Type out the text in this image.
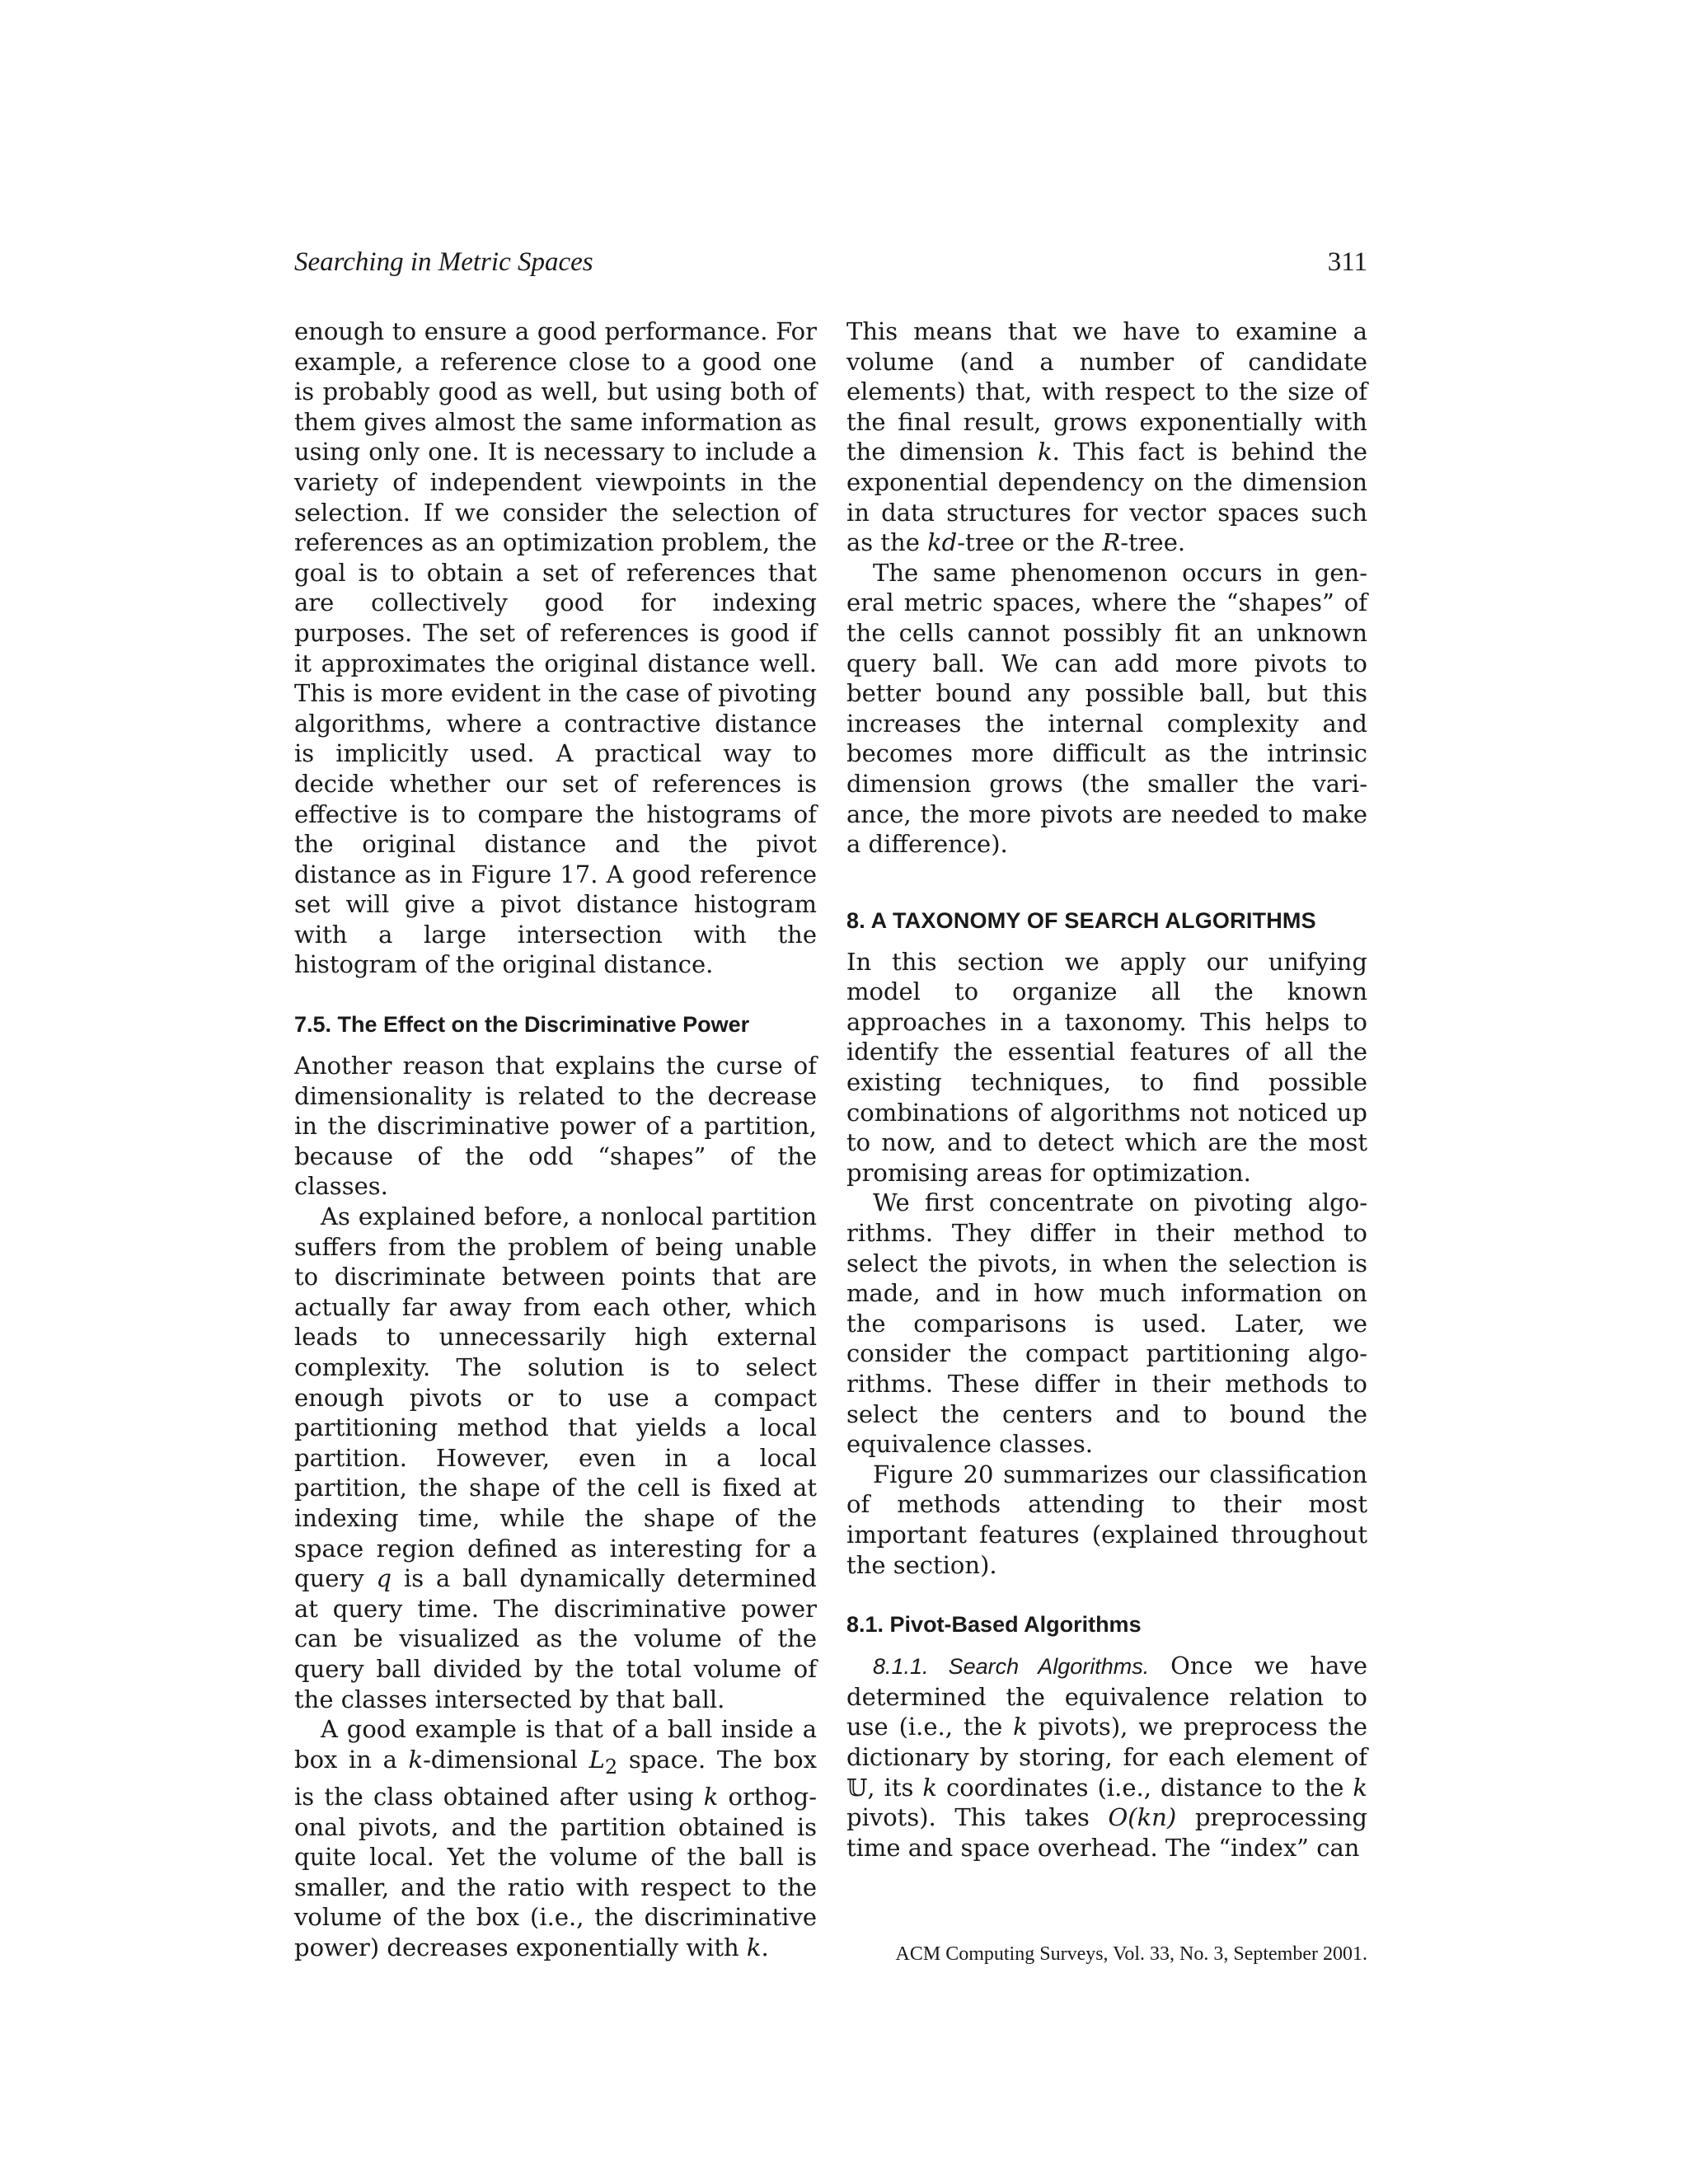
Searching in Metric Spaces	311

enough to ensure a good performance. For example, a reference close to a good one is probably good as well, but using both of them gives almost the same information as using only one. It is necessary to include a variety of independent viewpoints in the selection. If we consider the selection of references as an optimization problem, the goal is to obtain a set of references that are collectively good for indexing purposes. The set of references is good if it approximates the original distance well. This is more evident in the case of pivoting algorithms, where a contractive distance is implicitly used. A practical way to decide whether our set of references is effective is to compare the histograms of the original distance and the pivot distance as in Figure 17. A good reference set will give a pivot distance histogram with a large intersection with the histogram of the original distance.

7.5. The Effect on the Discriminative Power

Another reason that explains the curse of dimensionality is related to the decrease in the discriminative power of a partition, because of the odd “shapes” of the classes.

As explained before, a nonlocal partition suffers from the problem of being unable to discriminate between points that are actually far away from each other, which leads to unnecessarily high external complexity. The solution is to select enough pivots or to use a compact partitioning method that yields a local partition. However, even in a local partition, the shape of the cell is fixed at indexing time, while the shape of the space region defined as interesting for a query q is a ball dynamically determined at query time. The discriminative power can be visualized as the volume of the query ball divided by the total volume of the classes intersected by that ball.

A good example is that of a ball inside a box in a k-dimensional $L_2$ space. The box is the class obtained after using k orthogonal pivots, and the partition obtained is quite local. Yet the volume of the ball is smaller, and the ratio with respect to the volume of the box (i.e., the discriminative power) decreases exponentially with k.

This means that we have to examine a volume (and a number of candidate elements) that, with respect to the size of the final result, grows exponentially with the dimension k. This fact is behind the exponential dependency on the dimension in data structures for vector spaces such as the kd-tree or the R-tree.

The same phenomenon occurs in general metric spaces, where the “shapes” of the cells cannot possibly fit an unknown query ball. We can add more pivots to better bound any possible ball, but this increases the internal complexity and becomes more difficult as the intrinsic dimension grows (the smaller the variance, the more pivots are needed to make a difference).

8. A TAXONOMY OF SEARCH ALGORITHMS

In this section we apply our unifying model to organize all the known approaches in a taxonomy. This helps to identify the essential features of all the existing techniques, to find possible combinations of algorithms not noticed up to now, and to detect which are the most promising areas for optimization.

We first concentrate on pivoting algorithms. They differ in their method to select the pivots, in when the selection is made, and in how much information on the comparisons is used. Later, we consider the compact partitioning algorithms. These differ in their methods to select the centers and to bound the equivalence classes.

Figure 20 summarizes our classification of methods attending to their most important features (explained throughout the section).

8.1. Pivot-Based Algorithms

8.1.1. Search Algorithms. Once we have determined the equivalence relation to use (i.e., the k pivots), we preprocess the dictionary by storing, for each element of 𝕌, its k coordinates (i.e., distance to the k pivots). This takes O(kn) preprocessing time and space overhead. The “index” can

ACM Computing Surveys, Vol. 33, No. 3, September 2001.
